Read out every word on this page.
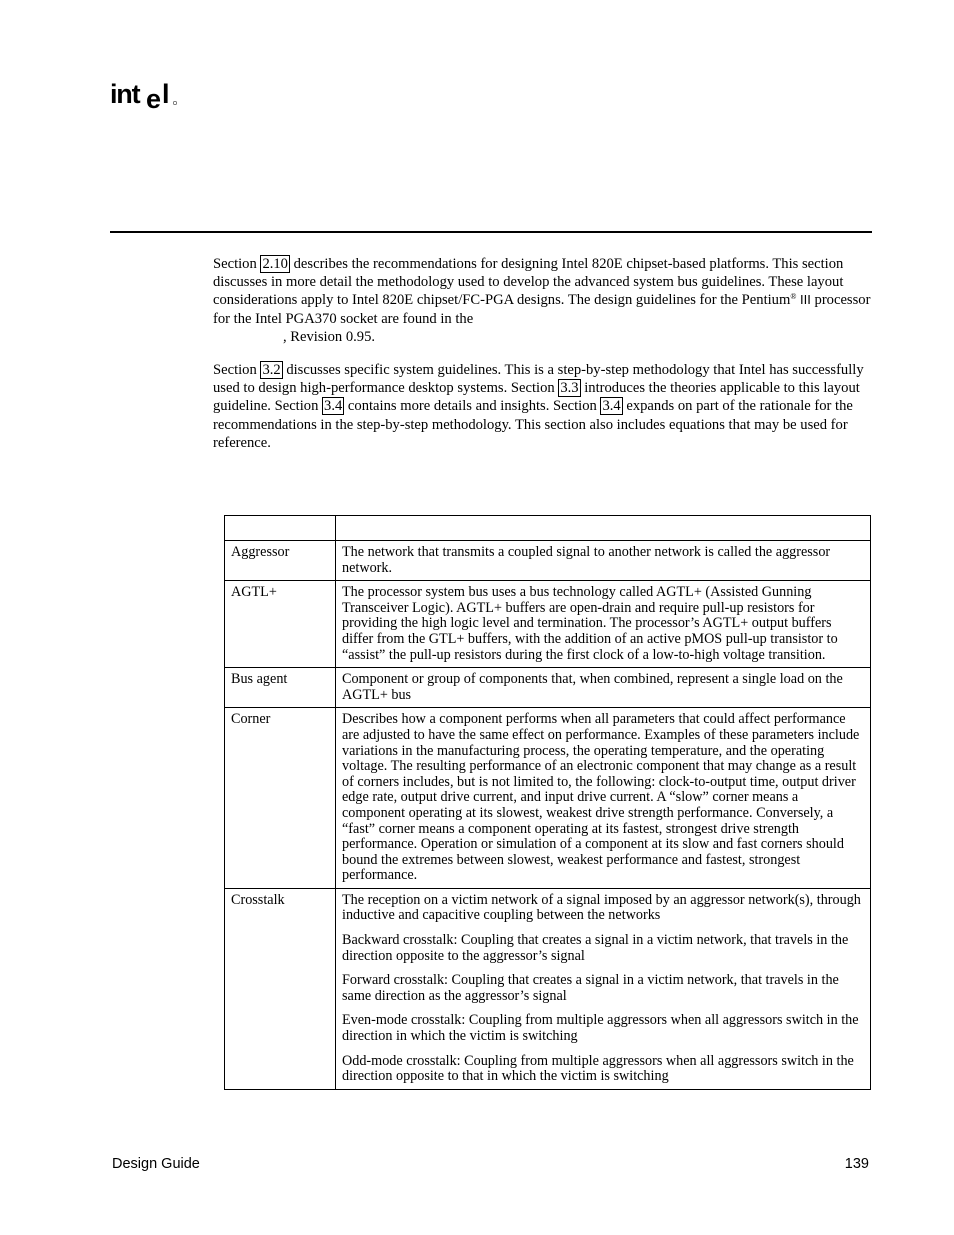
int e l
Section 2.10 describes the recommendations for designing Intel 820E chipset-based platforms. This section discusses in more detail the methodology used to develop the advanced system bus guidelines. These layout considerations apply to Intel 820E chipset/FC-PGA designs. The design guidelines for the Pentium® III processor for the Intel PGA370 socket are found in the
, Revision 0.95.
Section 3.2 discusses specific system guidelines. This is a step-by-step methodology that Intel has successfully used to design high-performance desktop systems. Section 3.3 introduces the theories applicable to this layout guideline. Section 3.4 contains more details and insights. Section 3.4 expands on part of the rationale for the recommendations in the step-by-step methodology. This section also includes equations that may be used for reference.

Aggressor	The network that transmits a coupled signal to another network is called the aggressor network.

AGTL+	The processor system bus uses a bus technology called AGTL+ (Assisted Gunning Transceiver Logic). AGTL+ buffers are open-drain and require pull-up resistors for providing the high logic level and termination. The processor’s AGTL+ output buffers differ from the GTL+ buffers, with the addition of an active pMOS pull-up transistor to “assist” the pull-up resistors during the first clock of a low-to-high voltage transition.

Bus agent	Component or group of components that, when combined, represent a single load on the AGTL+ bus

Corner	Describes how a component performs when all parameters that could affect performance are adjusted to have the same effect on performance. Examples of these parameters include variations in the manufacturing process, the operating temperature, and the operating voltage. The resulting performance of an electronic component that may change as a result of corners includes, but is not limited to, the following: clock-to-output time, output driver edge rate, output drive current, and input drive current. A “slow” corner means a component operating at its slowest, weakest drive strength performance. Conversely, a “fast” corner means a component operating at its fastest, strongest drive strength performance. Operation or simulation of a component at its slow and fast corners should bound the extremes between slowest, weakest performance and fastest, strongest performance.

Crosstalk	The reception on a victim network of a signal imposed by an aggressor network(s), through inductive and capacitive coupling between the networks
Backward crosstalk: Coupling that creates a signal in a victim network, that travels in the direction opposite to the aggressor’s signal
Forward crosstalk: Coupling that creates a signal in a victim network, that travels in the same direction as the aggressor’s signal
Even-mode crosstalk: Coupling from multiple aggressors when all aggressors switch in the direction in which the victim is switching
Odd-mode crosstalk: Coupling from multiple aggressors when all aggressors switch in the direction opposite to that in which the victim is switching
Design Guide	139
